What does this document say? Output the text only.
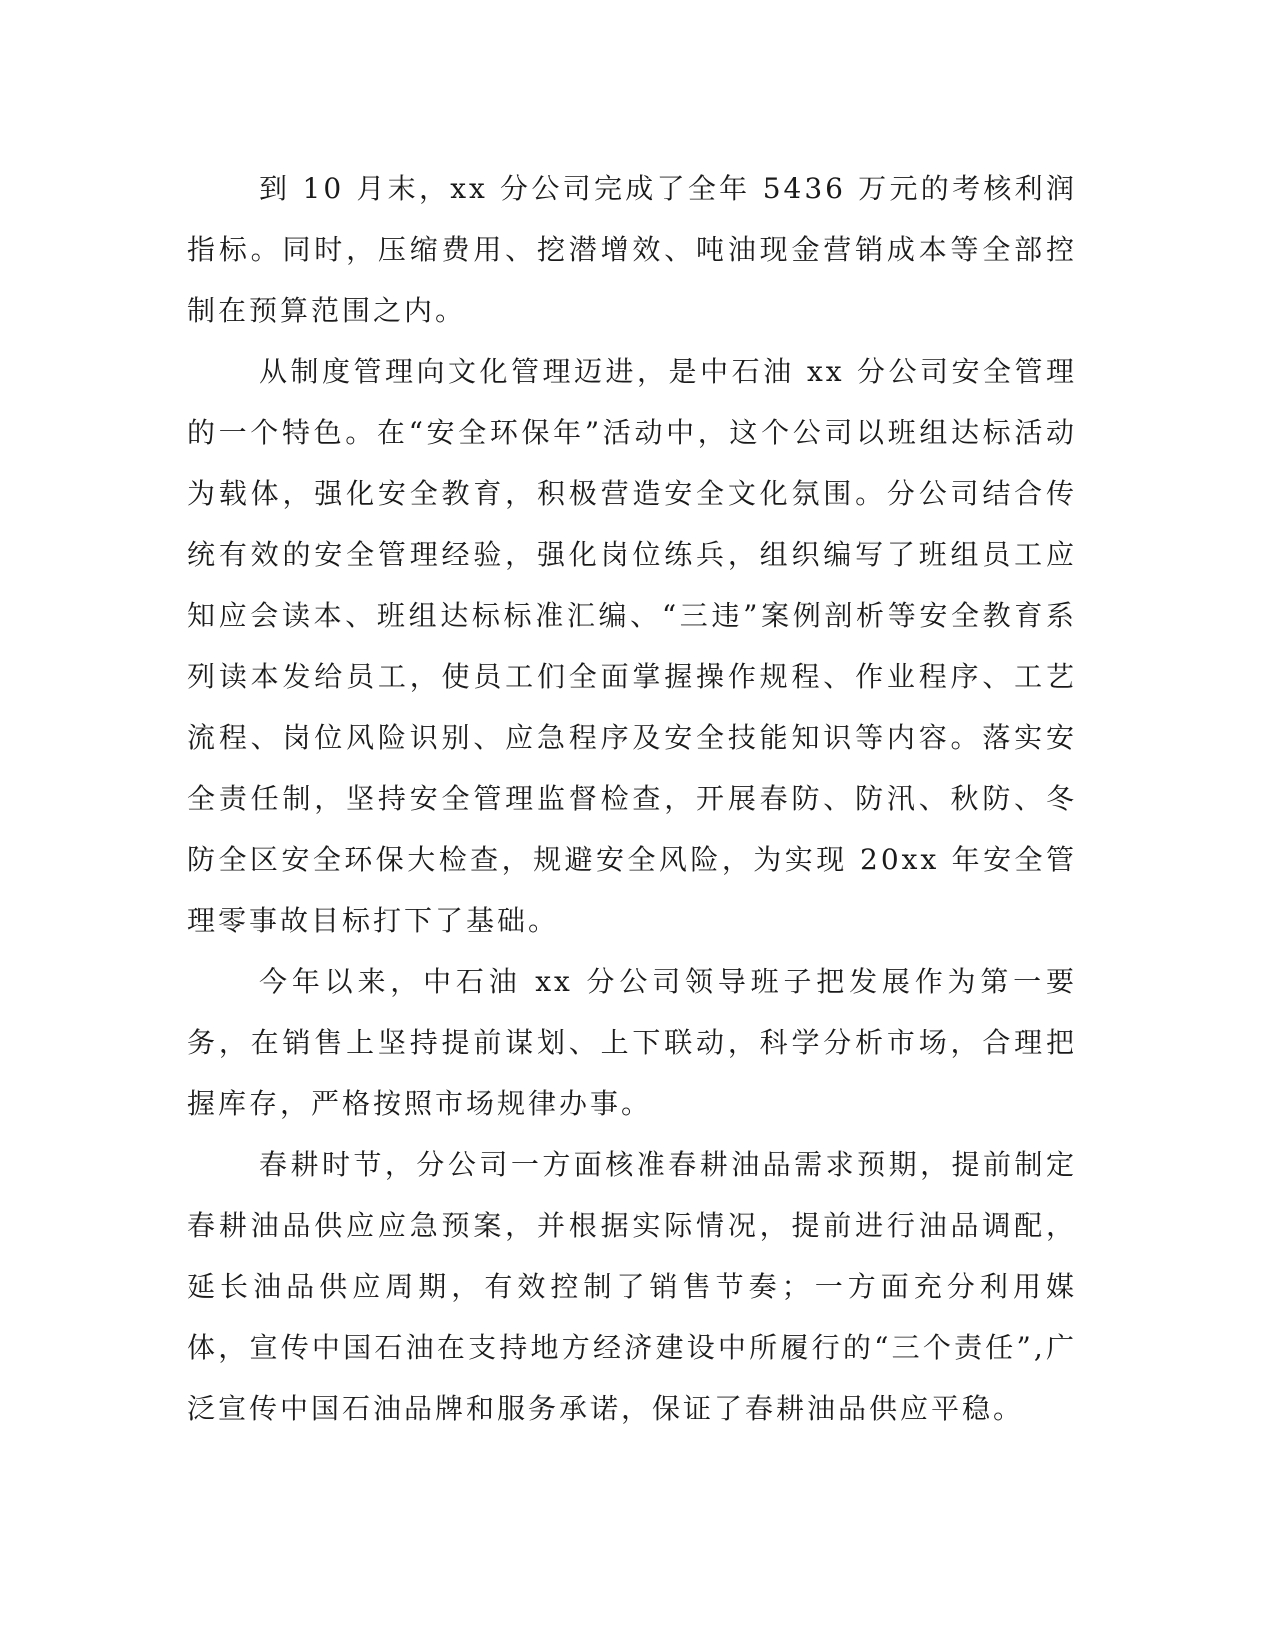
到 10 月末，xx 分公司完成了全年 5436 万元的考核利润指标。同时，压缩费用、挖潜增效、吨油现金营销成本等全部控制在预算范围之内。

从制度管理向文化管理迈进，是中石油 xx 分公司安全管理的一个特色。在“安全环保年”活动中，这个公司以班组达标活动为载体，强化安全教育，积极营造安全文化氛围。分公司结合传统有效的安全管理经验，强化岗位练兵，组织编写了班组员工应知应会读本、班组达标标准汇编、“三违”案例剖析等安全教育系列读本发给员工，使员工们全面掌握操作规程、作业程序、工艺流程、岗位风险识别、应急程序及安全技能知识等内容。落实安全责任制，坚持安全管理监督检查，开展春防、防汛、秋防、冬防全区安全环保大检查，规避安全风险，为实现 20xx 年安全管理零事故目标打下了基础。

今年以来，中石油 xx 分公司领导班子把发展作为第一要务，在销售上坚持提前谋划、上下联动，科学分析市场，合理把握库存，严格按照市场规律办事。

春耕时节，分公司一方面核准春耕油品需求预期，提前制定春耕油品供应应急预案，并根据实际情况，提前进行油品调配，延长油品供应周期，有效控制了销售节奏；一方面充分利用媒体，宣传中国石油在支持地方经济建设中所履行的“三个责任”,广泛宣传中国石油品牌和服务承诺，保证了春耕油品供应平稳。
